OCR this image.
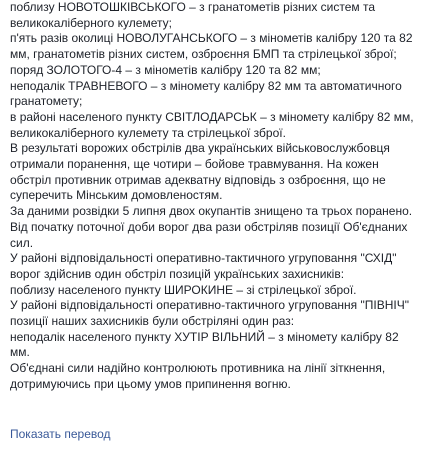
поблизу НОВОТОШКІВСЬКОГО – з гранатометів різних систем та
великокаліберного кулемету;
п'ять разів околиці НОВОЛУГАНСЬКОГО – з мінометів калібру 120 та 82
мм, гранатометів різних систем, озброєння БМП та стрілецької зброї;
поряд ЗОЛОТОГО-4 – з мінометів калібру 120 та 82 мм;
неподалік ТРАВНЕВОГО – з міномету калібру 82 мм та автоматичного
гранатомету;
в районі населеного пункту СВІТЛОДАРСЬК – з мінометy калібру 82 мм,
великокаліберного кулемету та стрілецької зброї.

В результаті ворожих обстрілів два українських військовослужбовця
отримали поранення, ще чотири – бойове травмування. На кожен
обстріл противник отримав адекватну відповідь з озброєння, що не
суперечить Мінським домовленостям.

За даними розвідки 5 липня двох окупантів знищено та трьох поранено.

Від початку поточної доби ворог два рази обстріляв позиції Об'єднаних
сил.

У районі відповідальності оперативно-тактичного угруповання "СХІД"
ворог здійснив один обстріл позицій українських захисників:
поблизу населеного пункту ШИРОКИНЕ – зі стрілецької зброї.

У районі відповідальності оперативно-тактичного угруповання "ПІВНІЧ"
позиції наших захисників були обстріляні один раз:
неподалік населеного пункту ХУТІР ВІЛЬНИЙ – з мінометy калібру 82
мм.

Об'єднані сили надійно контролюють противника на лінії зіткнення,
дотримуючись при цьому умов припинення вогню.

Показать перевод
